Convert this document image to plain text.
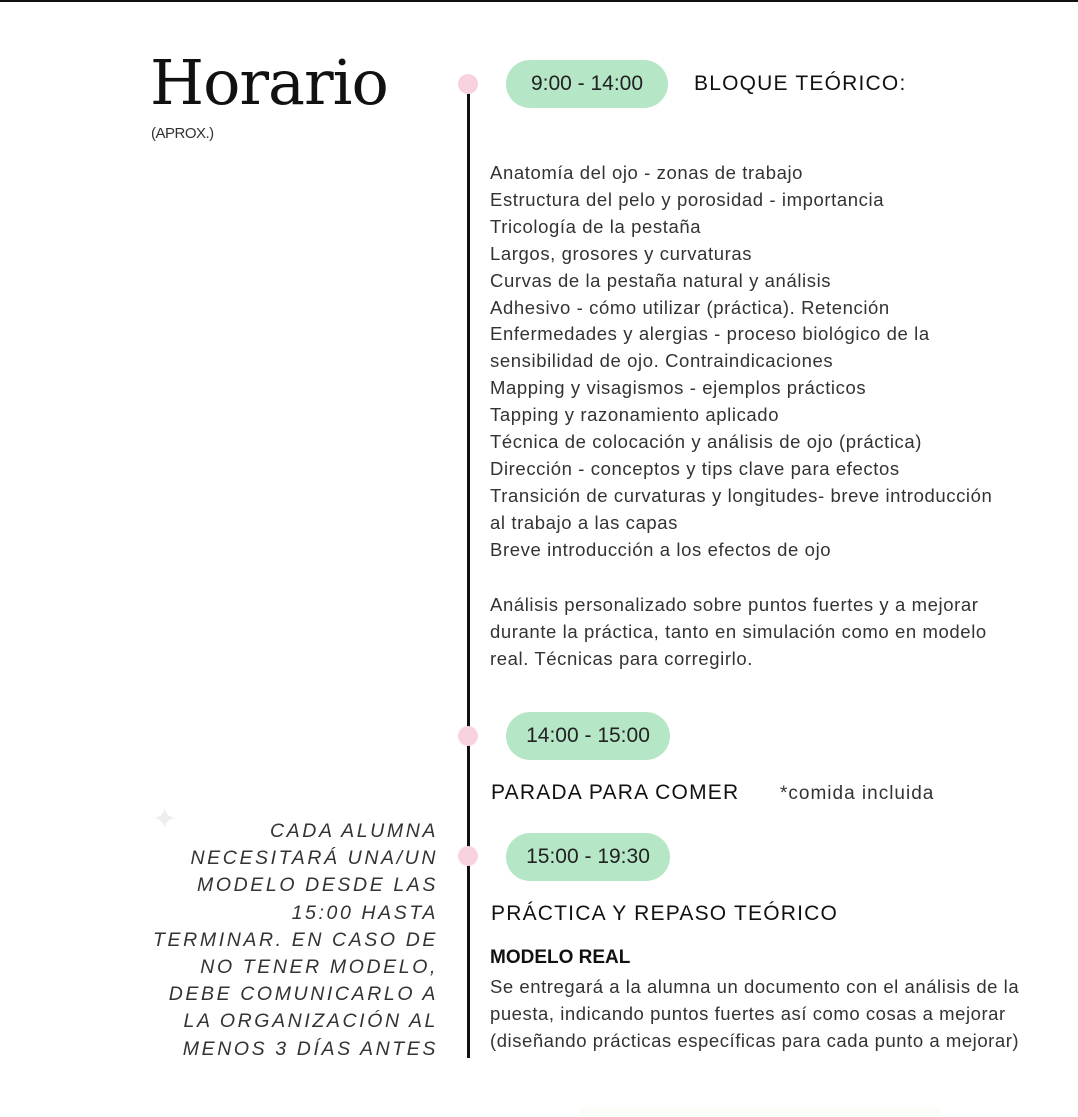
Horario
(APROX.)
9:00 - 14:00	BLOQUE TEÓRICO:
Anatomía del ojo - zonas de trabajo
Estructura del pelo y porosidad - importancia
Tricología de la pestaña
Largos, grosores y curvaturas
Curvas de la pestaña natural y análisis
Adhesivo - cómo utilizar (práctica). Retención
Enfermedades y alergias - proceso biológico de la
sensibilidad de ojo. Contraindicaciones
Mapping y visagismos - ejemplos prácticos
Tapping y razonamiento aplicado
Técnica de colocación y análisis de ojo (práctica)
Dirección - conceptos y tips clave para efectos
Transición de curvaturas y longitudes- breve introducción
al trabajo a las capas
Breve introducción a los efectos de ojo
Análisis personalizado sobre puntos fuertes y a mejorar
durante la práctica, tanto en simulación como en modelo
real. Técnicas para corregirlo.
14:00 - 15:00
PARADA PARA COMER *comida incluida
15:00 - 19:30
PRÁCTICA Y REPASO TEÓRICO
MODELO REAL
Se entregará a la alumna un documento con el análisis de la
puesta, indicando puntos fuertes así como cosas a mejorar
(diseñando prácticas específicas para cada punto a mejorar)
✦	CADA ALUMNA
NECESITARÁ UNA/UN
MODELO DESDE LAS
15:00 HASTA
TERMINAR. EN CASO DE
NO TENER MODELO,
DEBE COMUNICARLO A
LA ORGANIZACIÓN AL
MENOS 3 DÍAS ANTES
